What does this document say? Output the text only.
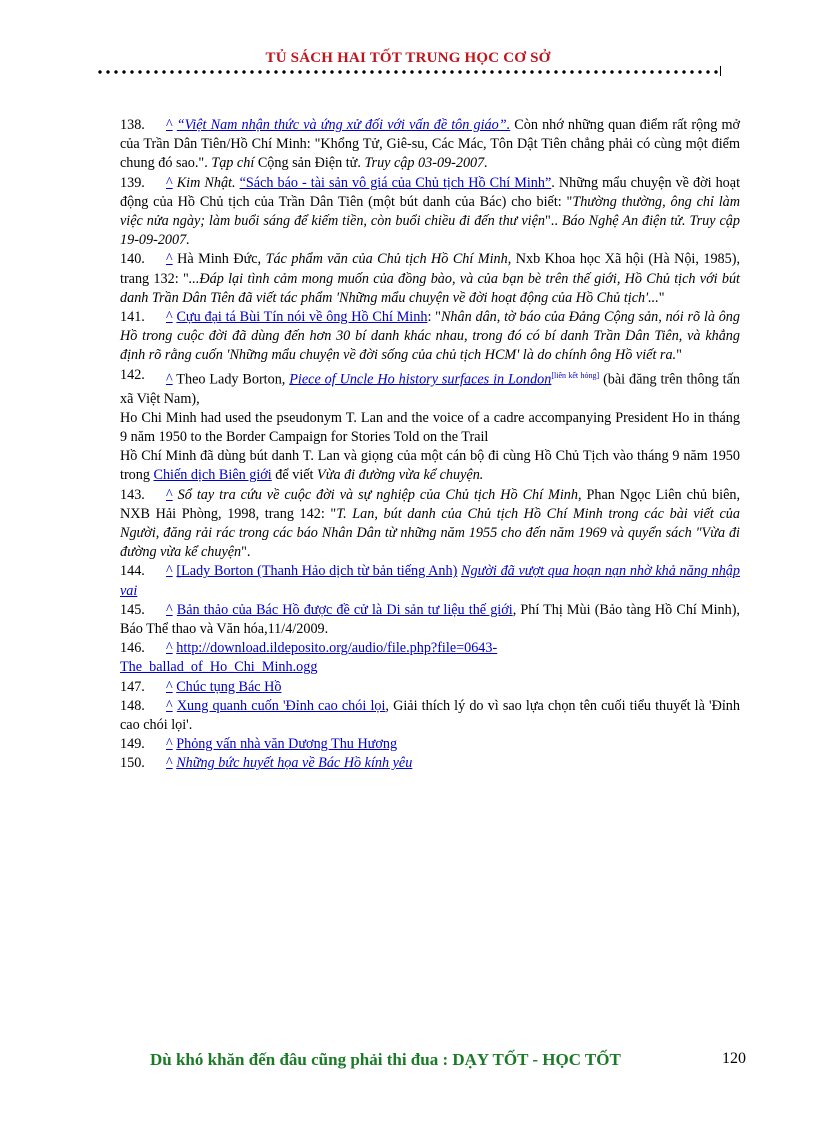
TỦ SÁCH HAI TỐT TRUNG HỌC CƠ SỞ
138.	^ “Việt Nam nhận thức và ứng xử đối với vấn đề tôn giáo”. Còn nhớ những quan điểm rất rộng mở của Trần Dân Tiên/Hồ Chí Minh: "Khổng Tử, Giê-su, Các Mác, Tôn Dật Tiên chẳng phải có cùng một điểm chung đó sao.". Tạp chí Cộng sản Điện tử. Truy cập 03-09-2007.
139.	^ Kim Nhật. “Sách báo - tài sản vô giá của Chủ tịch Hồ Chí Minh”. Những mẩu chuyện về đời hoạt động của Hồ Chủ tịch của Trần Dân Tiên (một bút danh của Bác) cho biết: "Thường thường, ông chỉ làm việc nửa ngày; làm buổi sáng để kiếm tiền, còn buổi chiều đi đến thư viện".. Báo Nghệ An điện tử. Truy cập 19-09-2007.
140.	^ Hà Minh Đức, Tác phẩm văn của Chủ tịch Hồ Chí Minh, Nxb Khoa học Xã hội (Hà Nội, 1985), trang 132: "...Đáp lại tình cảm mong muốn của đồng bào, và của bạn bè trên thế giới, Hồ Chủ tịch với bút danh Trần Dân Tiên đã viết tác phẩm 'Những mẩu chuyện về đời hoạt động của Hồ Chủ tịch'..."
141.	^ Cựu đại tá Bùi Tín nói về ông Hồ Chí Minh: "Nhân dân, tờ báo của Đảng Cộng sản, nói rõ là ông Hồ trong cuộc đời đã dùng đến hơn 30 bí danh khác nhau, trong đó có bí danh Trần Dân Tiên, và khẳng định rõ rằng cuốn 'Những mẩu chuyện về đời sống của chủ tịch HCM' là do chính ông Hồ viết ra."
142.	^ Theo Lady Borton, Piece of Uncle Ho history surfaces in London[liên kết hỏng] (bài đăng trên thông tấn xã Việt Nam),
Ho Chi Minh had used the pseudonym T. Lan and the voice of a cadre accompanying President Ho in tháng 9 năm 1950 to the Border Campaign for Stories Told on the Trail
Hồ Chí Minh đã dùng bút danh T. Lan và giọng của một cán bộ đi cùng Hồ Chủ Tịch vào tháng 9 năm 1950 trong Chiến dịch Biên giới để viết Vừa đi đường vừa kể chuyện.
143.	^ Sổ tay tra cứu về cuộc đời và sự nghiệp của Chủ tịch Hồ Chí Minh, Phan Ngọc Liên chủ biên, NXB Hải Phòng, 1998, trang 142: "T. Lan, bút danh của Chủ tịch Hồ Chí Minh trong các bài viết của Người, đăng rải rác trong các báo Nhân Dân từ những năm 1955 cho đến năm 1969 và quyển sách "Vừa đi đường vừa kể chuyện".
144.	^ [Lady Borton (Thanh Hảo dịch từ bản tiếng Anh) Người đã vượt qua hoạn nạn nhờ khả năng nhập vai
145.	^ Bản thảo của Bác Hồ được đề cử là Di sản tư liệu thế giới, Phí Thị Mùi (Bảo tàng Hồ Chí Minh), Báo Thể thao và Văn hóa,11/4/2009.
146.	^ http://download.ildeposito.org/audio/file.php?file=0643-
The_ballad_of_Ho_Chi_Minh.ogg
147.	^ Chúc tụng Bác Hồ
148.	^ Xung quanh cuốn 'Đỉnh cao chói lọi, Giải thích lý do vì sao lựa chọn tên cuối tiểu thuyết là 'Đỉnh cao chói lọi'.
149.	^ Phỏng vấn nhà văn Dương Thu Hương
150.	^ Những bức huyết họa về Bác Hồ kính yêu
Dù khó khăn đến đâu cũng phải thi đua : DẠY TỐT - HỌC TỐT	120
